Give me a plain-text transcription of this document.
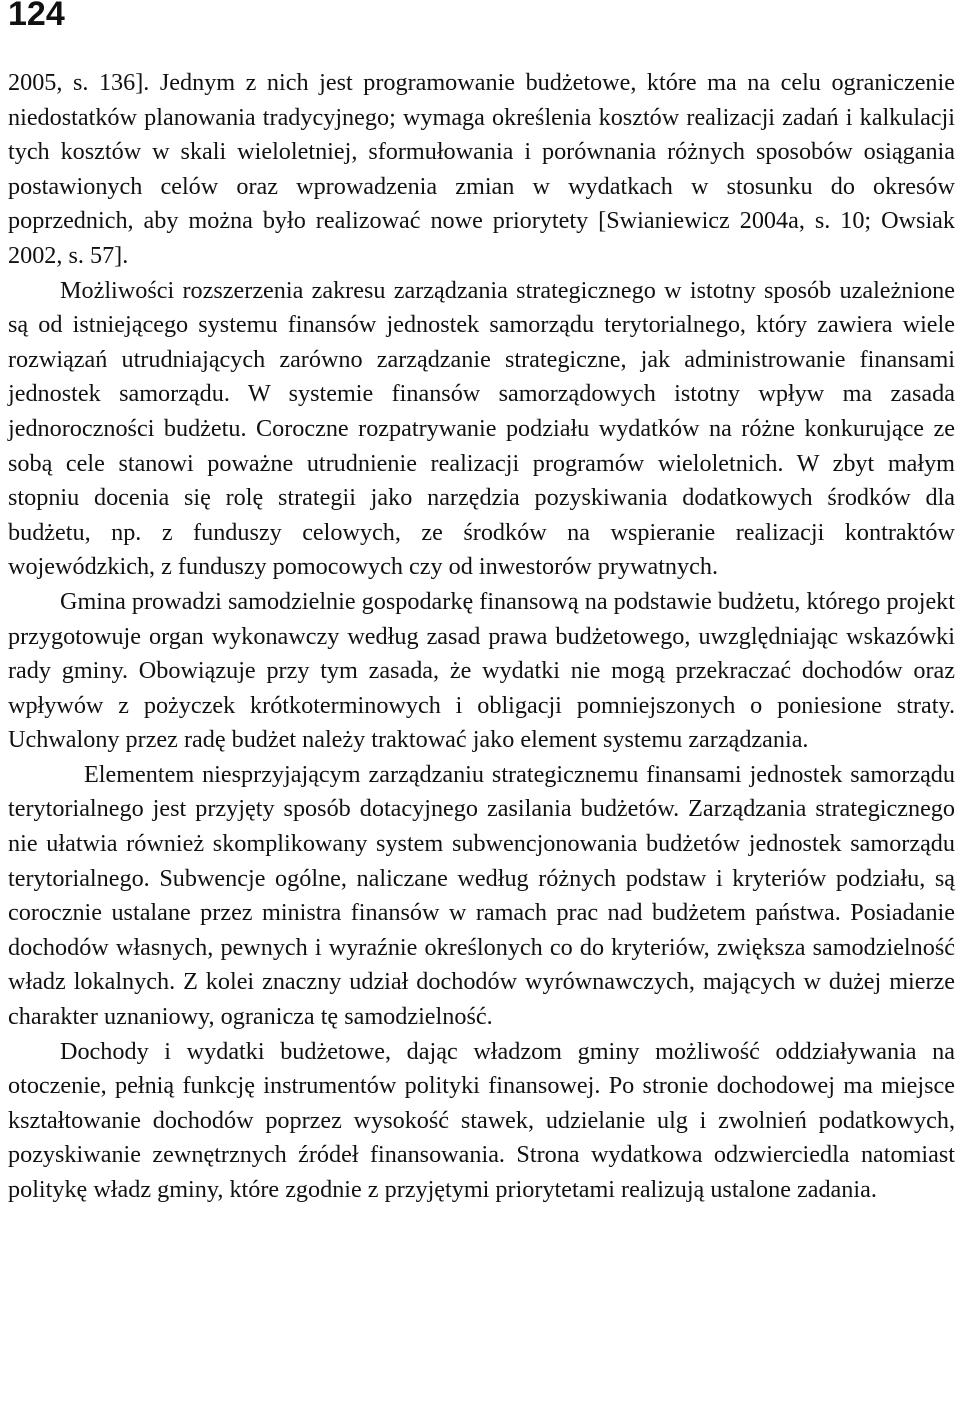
124

2005, s. 136]. Jednym z nich jest programowanie budżetowe, które ma na celu ograniczenie niedostatków planowania tradycyjnego; wymaga określenia kosztów realizacji zadań i kalkulacji tych kosztów w skali wieloletniej, sformułowania i porównania różnych sposobów osiągania postawionych celów oraz wprowadzenia zmian w wydatkach w stosunku do okresów poprzednich, aby można było realizować nowe priorytety [Swianiewicz 2004a, s. 10; Owsiak 2002, s. 57].

Możliwości rozszerzenia zakresu zarządzania strategicznego w istotny sposób uzależnione są od istniejącego systemu finansów jednostek samorządu terytorialnego, który zawiera wiele rozwiązań utrudniających zarówno zarządzanie strategiczne, jak administrowanie finansami jednostek samorządu. W systemie finansów samorządowych istotny wpływ ma zasada jednoroczności budżetu. Coroczne rozpatrywanie podziału wydatków na różne konkurujące ze sobą cele stanowi poważne utrudnienie realizacji programów wieloletnich. W zbyt małym stopniu docenia się rolę strategii jako narzędzia pozyskiwania dodatkowych środków dla budżetu, np. z funduszy celowych, ze środków na wspieranie realizacji kontraktów wojewódzkich, z funduszy pomocowych czy od inwestorów prywatnych.

Gmina prowadzi samodzielnie gospodarkę finansową na podstawie budżetu, którego projekt przygotowuje organ wykonawczy według zasad prawa budżetowego, uwzględniając wskazówki rady gminy. Obowiązuje przy tym zasada, że wydatki nie mogą przekraczać dochodów oraz wpływów z pożyczek krótkoterminowych i obligacji pomniejszonych o poniesione straty. Uchwalony przez radę budżet należy traktować jako element systemu zarządzania.

Elementem niesprzyjającym zarządzaniu strategicznemu finansami jednostek samorządu terytorialnego jest przyjęty sposób dotacyjnego zasilania budżetów. Zarządzania strategicznego nie ułatwia również skomplikowany system subwencjonowania budżetów jednostek samorządu terytorialnego. Subwencje ogólne, naliczane według różnych podstaw i kryteriów podziału, są corocznie ustalane przez ministra finansów w ramach prac nad budżetem państwa. Posiadanie dochodów własnych, pewnych i wyraźnie określonych co do kryteriów, zwiększa samodzielność władz lokalnych. Z kolei znaczny udział dochodów wyrównawczych, mających w dużej mierze charakter uznaniowy, ogranicza tę samodzielność.

Dochody i wydatki budżetowe, dając władzom gminy możliwość oddziaływania na otoczenie, pełnią funkcję instrumentów polityki finansowej. Po stronie dochodowej ma miejsce kształtowanie dochodów poprzez wysokość stawek, udzielanie ulg i zwolnień podatkowych, pozyskiwanie zewnętrznych źródeł finansowania. Strona wydatkowa odzwierciedla natomiast politykę władz gminy, które zgodnie z przyjętymi priorytetami realizują ustalone zadania.
